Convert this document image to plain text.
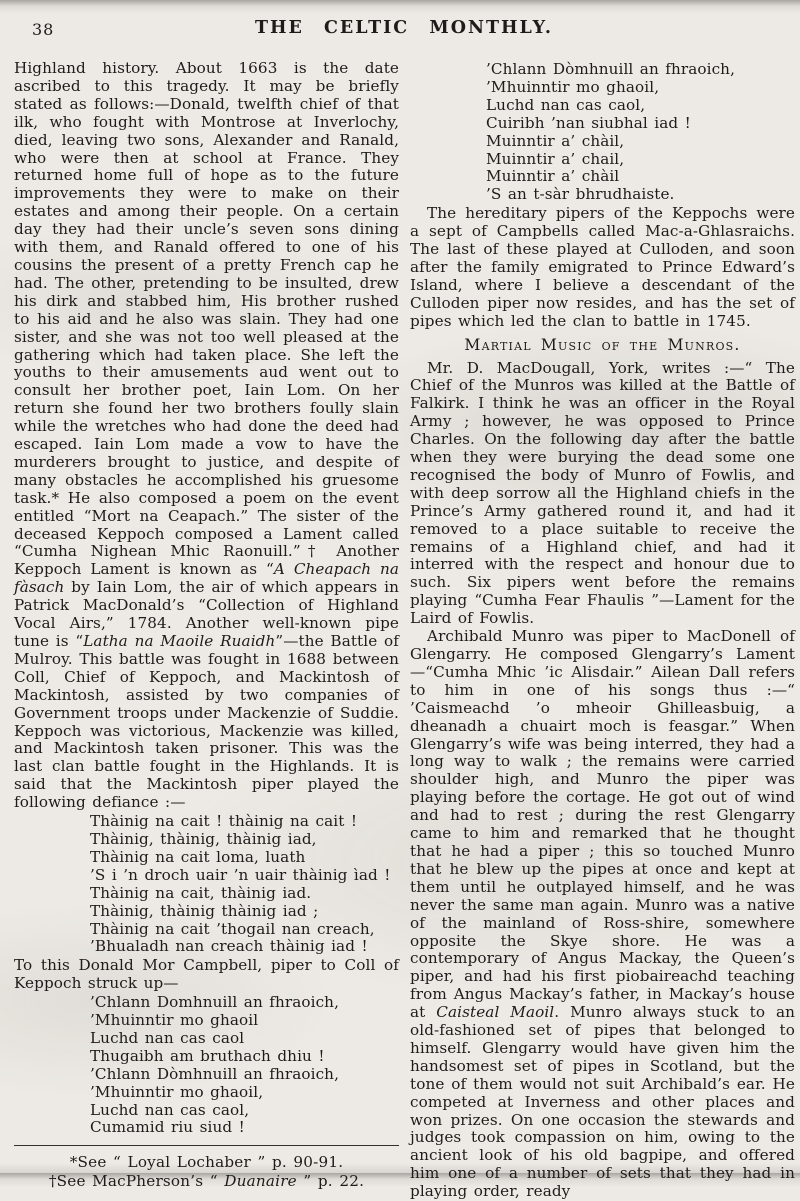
38	THE CELTIC MONTHLY.

Highland history. About 1663 is the date ascribed to this tragedy. It may be briefly stated as follows:—Donald, twelfth chief of that ilk, who fought with Montrose at Inverlochy, died, leaving two sons, Alexander and Ranald, who were then at school at France. They returned home full of hope as to the future improvements they were to make on their estates and among their people. On a certain day they had their uncle’s seven sons dining with them, and Ranald offered to one of his cousins the present of a pretty French cap he had. The other, pretending to be insulted, drew his dirk and stabbed him, His brother rushed to his aid and he also was slain. They had one sister, and she was not too well pleased at the gathering which had taken place. She left the youths to their amusements aud went out to consult her brother poet, Iain Lom. On her return she found her two brothers foully slain while the wretches who had done the deed had escaped. Iain Lom made a vow to have the murderers brought to justice, and despite of many obstacles he accomplished his gruesome task.* He also composed a poem on the event entitled “Mort na Ceapach.” The sister of the deceased Keppoch composed a Lament called “Cumha Nighean Mhic Raonuill.”† Another Keppoch Lament is known as “A Cheapach na fàsach by Iain Lom, the air of which appears in Patrick MacDonald’s “Collection of Highland Vocal Airs,” 1784. Another well-known pipe tune is “Latha na Maoile Ruaidh”—the Battle of Mulroy. This battle was fought in 1688 between Coll, Chief of Keppoch, and Mackintosh of Mackintosh, assisted by two companies of Government troops under Mackenzie of Suddie. Keppoch was victorious, Mackenzie was killed, and Mackintosh taken prisoner. This was the last clan battle fought in the Highlands. It is said that the Mackintosh piper played the following defiance :—

Thàinig na cait ! thàinig na cait !
Thàinig, thàinig, thàinig iad,
Thàinig na cait loma, luath
’S i ’n droch uair ’n uair thàinig ìad !
Thàinig na cait, thàinig iad.
Thàinig, thàinig thàinig iad ;
Thàinig na cait ’thogail nan creach,
’Bhualadh nan creach thàinig iad !

To this Donald Mor Campbell, piper to Coll of Keppoch struck up—

’Chlann Domhnuill an fhraoich,
’Mhuinntir mo ghaoil
Luchd nan cas caol
Thugaibh am bruthach dhiu !
’Chlann Dòmhnuill an fhraoich,
’Mhuinntir mo ghaoil,
Luchd nan cas caol,
Cumamid riu siud !
*See “ Loyal Lochaber ” p. 90-91.
†See MacPherson’s “ Duanaire ” p. 22.
’Chlann Dòmhnuill an fhraoich,
’Mhuinntir mo ghaoil,
Luchd nan cas caol,
Cuiribh ’nan siubhal iad !
Muinntir a’ chàil,
Muinntir a’ chail,
Muinntir a’ chàil
’S an t-sàr bhrudhaiste.

The hereditary pipers of the Keppochs were a sept of Campbells called Mac-a-Ghlasraichs. The last of these played at Culloden, and soon after the family emigrated to Prince Edward’s Island, where I believe a descendant of the Culloden piper now resides, and has the set of pipes which led the clan to battle in 1745.

Martial Music of the Munros.

Mr. D. MacDougall, York, writes :—“ The Chief of the Munros was killed at the Battle of Falkirk. I think he was an officer in the Royal Army ; however, he was opposed to Prince Charles. On the following day after the battle when they were burying the dead some one recognised the body of Munro of Fowlis, and with deep sorrow all the Highland chiefs in the Prince’s Army gathered round it, and had it removed to a place suitable to receive the remains of a Highland chief, and had it interred with the respect and honour due to such. Six pipers went before the remains playing “Cumha Fear Fhaulis ”—Lament for the Laird of Fowlis.

Archibald Munro was piper to MacDonell of Glengarry. He composed Glengarry’s Lament —“Cumha Mhic ’ic Alisdair.” Ailean Dall refers to him in one of his songs thus :—“ ’Caismeachd ’o mheoir Ghilleasbuig, a dheanadh a chuairt moch is feasgar.” When Glengarry’s wife was being interred, they had a long way to walk ; the remains were carried shoulder high, and Munro the piper was playing before the cortage. He got out of wind and had to rest ; during the rest Glengarry came to him and remarked that he thought that he had a piper ; this so touched Munro that he blew up the pipes at once and kept at them until he outplayed himself, and he was never the same man again. Munro was a native of the mainland of Ross-shire, somewhere opposite the Skye shore. He was a contemporary of Angus Mackay, the Queen’s piper, and had his first piobaireachd teaching from Angus Mackay’s father, in Mackay’s house at Caisteal Maoil. Munro always stuck to an old-fashioned set of pipes that belonged to himself. Glengarry would have given him the handsomest set of pipes in Scotland, but the tone of them would not suit Archibald’s ear. He competed at Inverness and other places and won prizes. On one occasion the stewards and judges took compassion on him, owing to the ancient look of his old bagpipe, and offered him one of a number of sets that they had in playing order, ready
